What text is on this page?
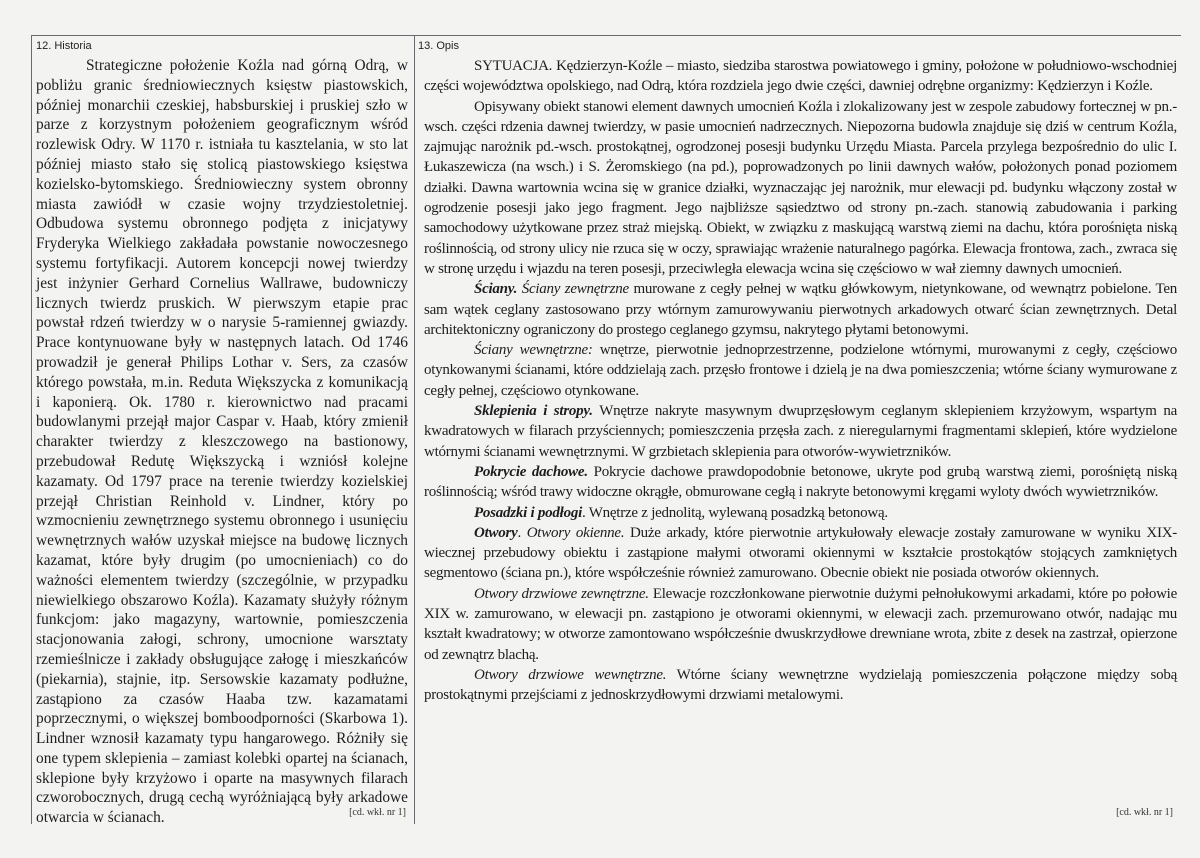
12. Historia

Strategiczne położenie Koźla nad górną Odrą, w pobliżu granic średniowiecznych księstw piastowskich, później monarchii czeskiej, habsburskiej i pruskiej szło w parze z korzystnym położeniem geograficznym wśród rozlewisk Odry. W 1170 r. istniała tu kasztelania, w sto lat później miasto stało się stolicą piastowskiego księstwa kozielsko-bytomskiego. Średniowieczny system obronny miasta zawiódł w czasie wojny trzydziestoletniej. Odbudowa systemu obronnego podjęta z inicjatywy Fryderyka Wielkiego zakładała powstanie nowoczesnego systemu fortyfikacji. Autorem koncepcji nowej twierdzy jest inżynier Gerhard Cornelius Wallrawe, budowniczy licznych twierdz pruskich. W pierwszym etapie prac powstał rdzeń twierdzy w o narysie 5-ramiennej gwiazdy. Prace kontynuowane były w następnych latach. Od 1746 prowadził je generał Philips Lothar v. Sers, za czasów którego powstała, m.in. Reduta Większycka z komunikacją i kaponierą. Ok. 1780 r. kierownictwo nad pracami budowlanymi przejął major Caspar v. Haab, który zmienił charakter twierdzy z kleszczowego na bastionowy, przebudował Redutę Większycką i wzniósł kolejne kazamaty. Od 1797 prace na terenie twierdzy kozielskiej przejął Christian Reinhold v. Lindner, który po wzmocnieniu zewnętrznego systemu obronnego i usunięciu wewnętrznych wałów uzyskał miejsce na budowę licznych kazamat, które były drugim (po umocnieniach) co do ważności elementem twierdzy (szczególnie, w przypadku niewielkiego obszarowo Koźla). Kazamaty służyły różnym funkcjom: jako magazyny, wartownie, pomieszczenia stacjonowania załogi, schrony, umocnione warsztaty rzemieślnicze i zakłady obsługujące załogę i mieszkańców (piekarnia), stajnie, itp. Sersowskie kazamaty podłużne, zastąpiono za czasów Haaba tzw. kazamatami poprzecznymi, o większej bomboodporności (Skarbowa 1). Lindner wznosił kazamaty typu hangarowego. Różniły się one typem sklepienia – zamiast kolebki opartej na ścianach, sklepione były krzyżowo i oparte na masywnych filarach czworobocznych, drugą cechą wyróżniającą były arkadowe otwarcia w ścianach.	[cd. wkł. nr 1]
13. Opis

SYTUACJA. Kędzierzyn-Koźle – miasto, siedziba starostwa powiatowego i gminy, położone w południowo-wschodniej części województwa opolskiego, nad Odrą, która rozdziela jego dwie części, dawniej odrębne organizmy: Kędzierzyn i Koźle.

Opisywany obiekt stanowi element dawnych umocnień Koźla i zlokalizowany jest w zespole zabudowy fortecznej w pn.-wsch. części rdzenia dawnej twierdzy, w pasie umocnień nadrzecznych. Niepozorna budowla znajduje się dziś w centrum Koźla, zajmując narożnik pd.-wsch. prostokątnej, ogrodzonej posesji budynku Urzędu Miasta. Parcela przylega bezpośrednio do ulic I. Łukaszewicza (na wsch.) i S. Żeromskiego (na pd.), poprowadzonych po linii dawnych wałów, położonych ponad poziomem działki. Dawna wartownia wcina się w granice działki, wyznaczając jej narożnik, mur elewacji pd. budynku włączony został w ogrodzenie posesji jako jego fragment. Jego najbliższe sąsiedztwo od strony pn.-zach. stanowią zabudowania i parking samochodowy użytkowane przez straż miejską. Obiekt, w związku z maskującą warstwą ziemi na dachu, która porośnięta niską roślinnością, od strony ulicy nie rzuca się w oczy, sprawiając wrażenie naturalnego pagórka. Elewacja frontowa, zach., zwraca się w stronę urzędu i wjazdu na teren posesji, przeciwległa elewacja wcina się częściowo w wał ziemny dawnych umocnień.

Ściany. Ściany zewnętrzne murowane z cegły pełnej w wątku główkowym, nietynkowane, od wewnątrz pobielone. Ten sam wątek ceglany zastosowano przy wtórnym zamurowywaniu pierwotnych arkadowych otwarć ścian zewnętrznych. Detal architektoniczny ograniczony do prostego ceglanego gzymsu, nakrytego płytami betonowymi.

Ściany wewnętrzne: wnętrze, pierwotnie jednoprzestrzenne, podzielone wtórnymi, murowanymi z cegły, częściowo otynkowanymi ścianami, które oddzielają zach. przęsło frontowe i dzielą je na dwa pomieszczenia; wtórne ściany wymurowane z cegły pełnej, częściowo otynkowane.

Sklepienia i stropy. Wnętrze nakryte masywnym dwuprzęsłowym ceglanym sklepieniem krzyżowym, wspartym na kwadratowych w filarach przyściennych; pomieszczenia przęsła zach. z nieregularnymi fragmentami sklepień, które wydzielone wtórnymi ścianami wewnętrznymi. W grzbietach sklepienia para otworów-wywietrzników.

Pokrycie dachowe. Pokrycie dachowe prawdopodobnie betonowe, ukryte pod grubą warstwą ziemi, porośniętą niską roślinnością; wśród trawy widoczne okrągłe, obmurowane cegłą i nakryte betonowymi kręgami wyloty dwóch wywietrzników.

Posadzki i podłogi. Wnętrze z jednolitą, wylewaną posadzką betonową.

Otwory. Otwory okienne. Duże arkady, które pierwotnie artykułowały elewacje zostały zamurowane w wyniku XIX-wiecznej przebudowy obiektu i zastąpione małymi otworami okiennymi w kształcie prostokątów stojących zamkniętych segmentowo (ściana pn.), które współcześnie również zamurowano. Obecnie obiekt nie posiada otworów okiennych.

Otwory drzwiowe zewnętrzne. Elewacje rozczłonkowane pierwotnie dużymi pełnołukowymi arkadami, które po połowie XIX w. zamurowano, w elewacji pn. zastąpiono je otworami okiennymi, w elewacji zach. przemurowano otwór, nadając mu kształt kwadratowy; w otworze zamontowano współcześnie dwuskrzydłowe drewniane wrota, zbite z desek na zastrzał, opierzone od zewnątrz blachą.

Otwory drzwiowe wewnętrzne. Wtórne ściany wewnętrzne wydzielają pomieszczenia połączone między sobą prostokątnymi przejściami z jednoskrzydłowymi drzwiami metalowymi.

[cd. wkł. nr 1]
